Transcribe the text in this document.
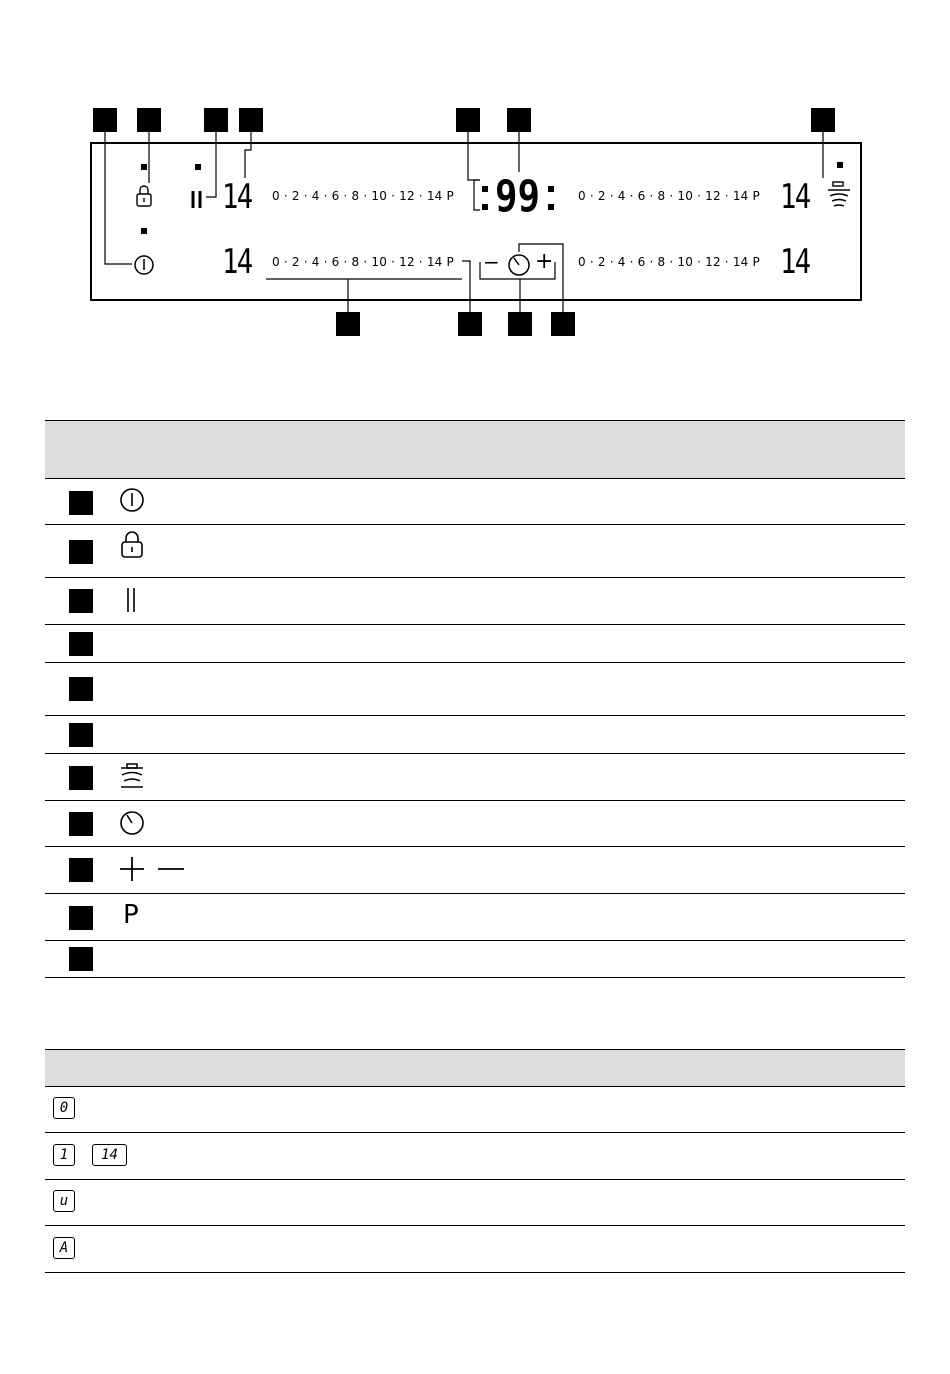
14
14
14
14
99
0 · 2 · 4 · 6 · 8 · 10 · 12 · 14 P
0 · 2 · 4 · 6 · 8 · 10 · 12 · 14 P
0 · 2 · 4 · 6 · 8 · 10 · 12 · 14 P
0 · 2 · 4 · 6 · 8 · 10 · 12 · 14 P
− +
P
0
1	14
u
A
